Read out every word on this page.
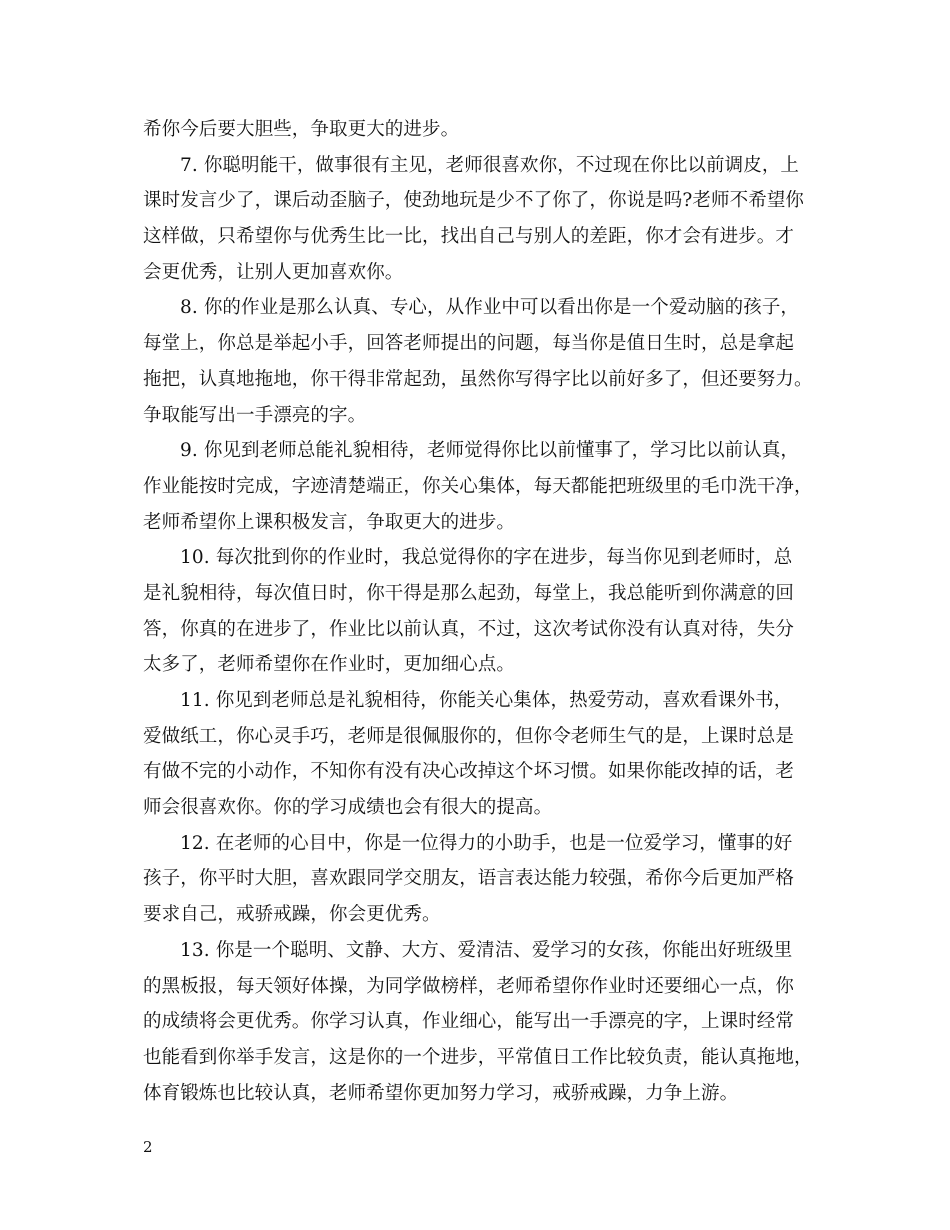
希你今后要大胆些，争取更大的进步。
7. 你聪明能干，做事很有主见，老师很喜欢你，不过现在你比以前调皮，上
课时发言少了，课后动歪脑子，使劲地玩是少不了你了，你说是吗?老师不希望你
这样做，只希望你与优秀生比一比，找出自己与别人的差距，你才会有进步。才
会更优秀，让别人更加喜欢你。
8. 你的作业是那么认真、专心，从作业中可以看出你是一个爱动脑的孩子，
每堂上，你总是举起小手，回答老师提出的问题，每当你是值日生时，总是拿起
拖把，认真地拖地，你干得非常起劲，虽然你写得字比以前好多了，但还要努力。
争取能写出一手漂亮的字。
9. 你见到老师总能礼貌相待，老师觉得你比以前懂事了，学习比以前认真，
作业能按时完成，字迹清楚端正，你关心集体，每天都能把班级里的毛巾洗干净，
老师希望你上课积极发言，争取更大的进步。
10. 每次批到你的作业时，我总觉得你的字在进步，每当你见到老师时，总
是礼貌相待，每次值日时，你干得是那么起劲，每堂上，我总能听到你满意的回
答，你真的在进步了，作业比以前认真，不过，这次考试你没有认真对待，失分
太多了，老师希望你在作业时，更加细心点。
11. 你见到老师总是礼貌相待，你能关心集体，热爱劳动，喜欢看课外书，
爱做纸工，你心灵手巧，老师是很佩服你的，但你令老师生气的是，上课时总是
有做不完的小动作，不知你有没有决心改掉这个坏习惯。如果你能改掉的话，老
师会很喜欢你。你的学习成绩也会有很大的提高。
12. 在老师的心目中，你是一位得力的小助手，也是一位爱学习，懂事的好
孩子，你平时大胆，喜欢跟同学交朋友，语言表达能力较强，希你今后更加严格
要求自己，戒骄戒躁，你会更优秀。
13. 你是一个聪明、文静、大方、爱清洁、爱学习的女孩，你能出好班级里
的黑板报，每天领好体操，为同学做榜样，老师希望你作业时还要细心一点，你
的成绩将会更优秀。你学习认真，作业细心，能写出一手漂亮的字，上课时经常
也能看到你举手发言，这是你的一个进步，平常值日工作比较负责，能认真拖地，
体育锻炼也比较认真，老师希望你更加努力学习，戒骄戒躁，力争上游。
2
